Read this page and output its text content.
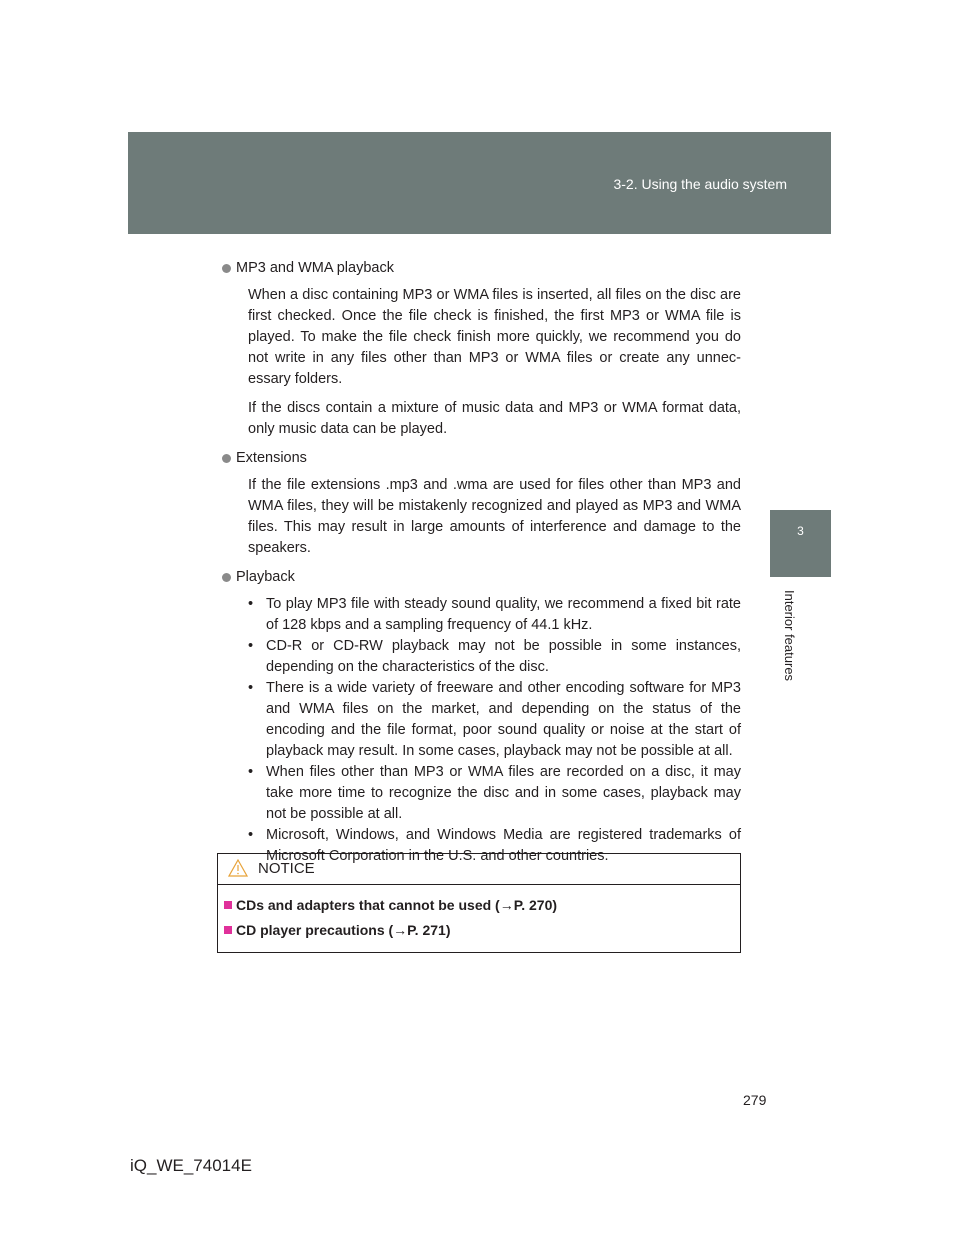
3-2. Using the audio system
3
Interior features
MP3 and WMA playback

When a disc containing MP3 or WMA files is inserted, all files on the disc are first checked. Once the file check is finished, the first MP3 or WMA file is played. To make the file check finish more quickly, we recommend you do not write in any files other than MP3 or WMA files or create any unnec-essary folders.

If the discs contain a mixture of music data and MP3 or WMA format data, only music data can be played.

Extensions

If the file extensions .mp3 and .wma are used for files other than MP3 and WMA files, they will be mistakenly recognized and played as MP3 and WMA files. This may result in large amounts of interference and damage to the speakers.

Playback
• To play MP3 file with steady sound quality, we recommend a fixed bit rate of 128 kbps and a sampling frequency of 44.1 kHz.
• CD-R or CD-RW playback may not be possible in some instances, depending on the characteristics of the disc.
• There is a wide variety of freeware and other encoding software for MP3 and WMA files on the market, and depending on the status of the encoding and the file format, poor sound quality or noise at the start of playback may result. In some cases, playback may not be possible at all.
• When files other than MP3 or WMA files are recorded on a disc, it may take more time to recognize the disc and in some cases, playback may not be possible at all.
• Microsoft, Windows, and Windows Media are registered trademarks of Microsoft Corporation in the U.S. and other countries.
NOTICE
CDs and adapters that cannot be used (→P. 270)
CD player precautions (→P. 271)
279
iQ_WE_74014E
